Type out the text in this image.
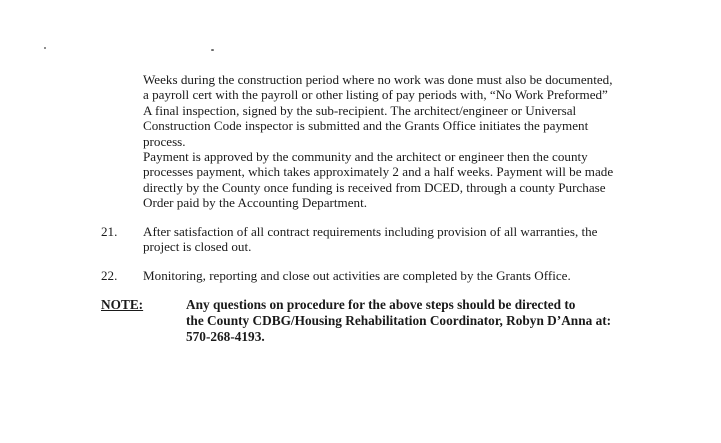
Weeks during the construction period where no work was done must also be documented,
a payroll cert with the payroll or other listing of pay periods with, “No Work Preformed”
A final inspection, signed by the sub-recipient. The architect/engineer or Universal
Construction Code inspector is submitted and the Grants Office initiates the payment
process.
Payment is approved by the community and the architect or engineer then the county
processes payment, which takes approximately 2 and a half weeks. Payment will be made
directly by the County once funding is received from DCED, through a county Purchase
Order paid by the Accounting Department.
21. After satisfaction of all contract requirements including provision of all warranties, the
project is closed out.
22. Monitoring, reporting and close out activities are completed by the Grants Office.
NOTE:	Any questions on procedure for the above steps should be directed to
the County CDBG/Housing Rehabilitation Coordinator, Robyn D’Anna at:
570-268-4193.
